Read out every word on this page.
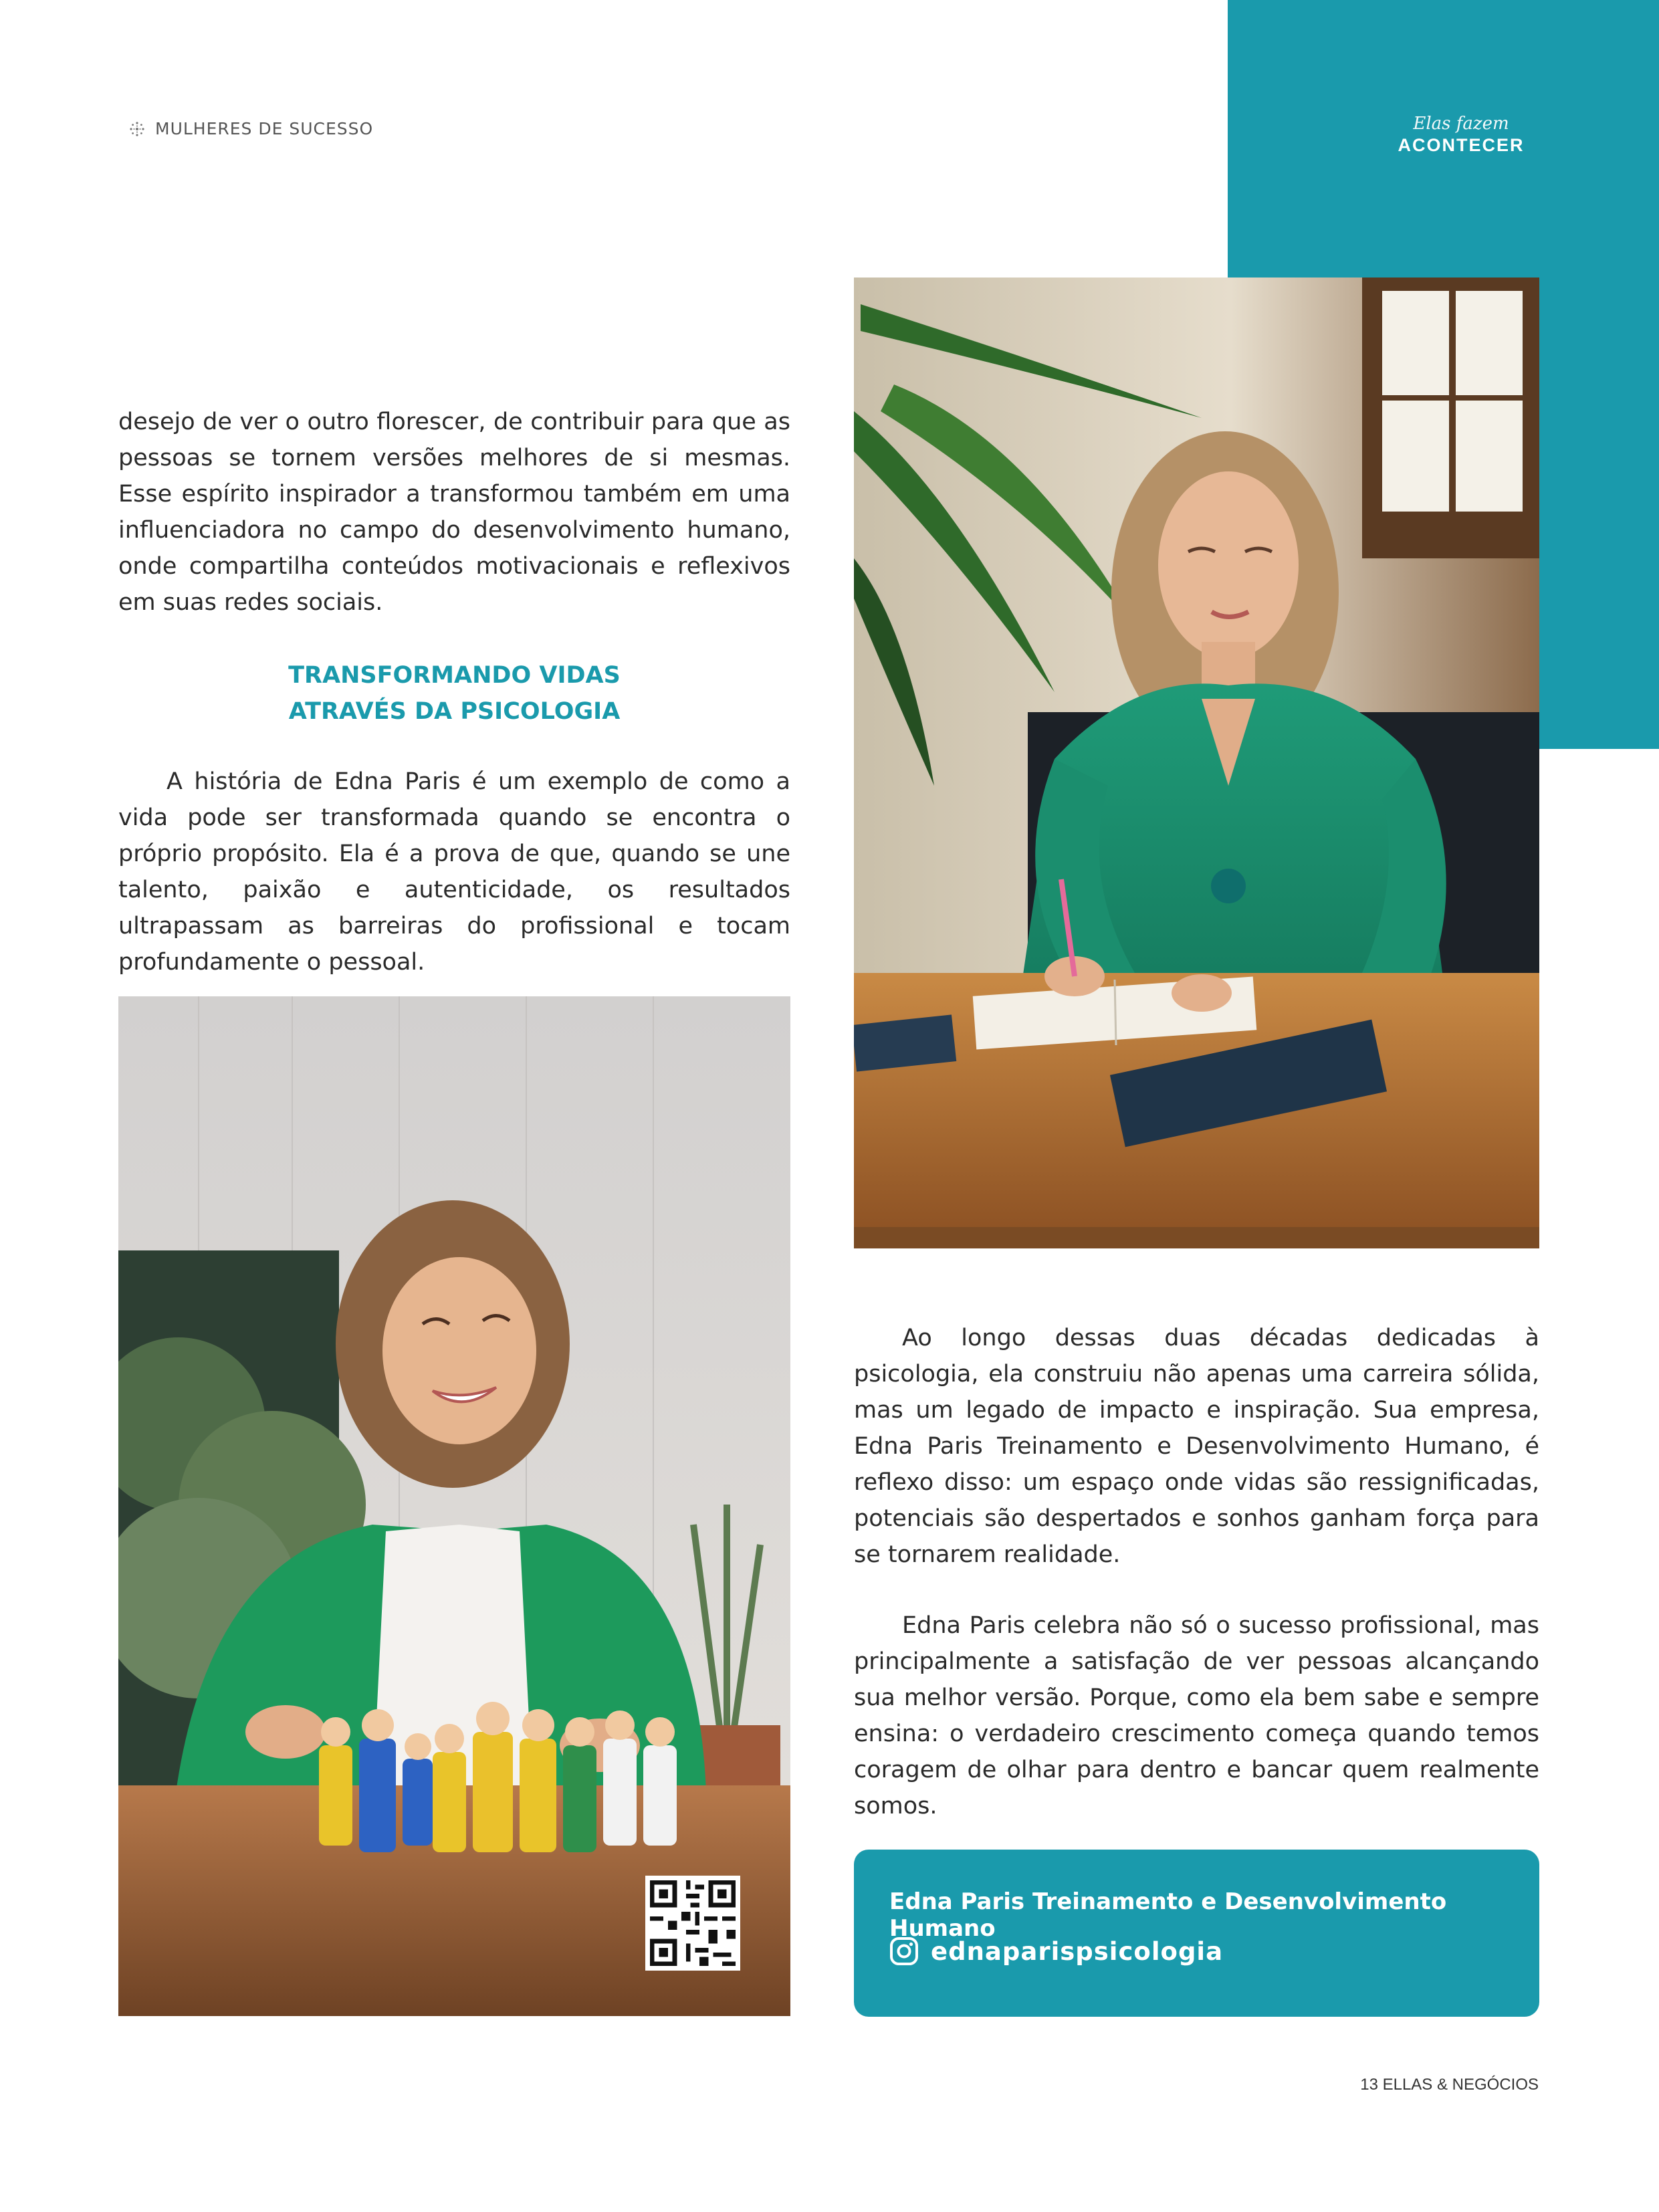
Elas fazem
ACONTECER
MULHERES DE SUCESSO

desejo de ver o outro florescer, de contribuir para que as pessoas se tornem versões melhores de si mesmas. Esse espírito inspirador a transformou também em uma influenciadora no campo do desenvolvimento humano, onde compartilha conteúdos motivacionais e reflexivos em suas redes sociais.

TRANSFORMANDO VIDAS
ATRAVÉS DA PSICOLOGIA

A história de Edna Paris é um exemplo de como a vida pode ser transformada quando se encontra o próprio propósito. Ela é a prova de que, quando se une talento, paixão e autenticidade, os resultados ultrapassam as barreiras do profissional e tocam profundamente o pessoal.

Ao longo dessas duas décadas dedicadas à psicologia, ela construiu não apenas uma carreira sólida, mas um legado de impacto e inspiração. Sua empresa, Edna Paris Treinamento e Desenvolvimento Humano, é reflexo disso: um espaço onde vidas são ressignificadas, potenciais são despertados e sonhos ganham força para se tornarem realidade.

Edna Paris celebra não só o sucesso profissional, mas principalmente a satisfação de ver pessoas alcançando sua melhor versão. Porque, como ela bem sabe e sempre ensina: o verdadeiro crescimento começa quando temos coragem de olhar para dentro e bancar quem realmente somos.

Edna Paris Treinamento e Desenvolvimento Humano
ednaparispsicologia
13 ELLAS & NEGÓCIOS
